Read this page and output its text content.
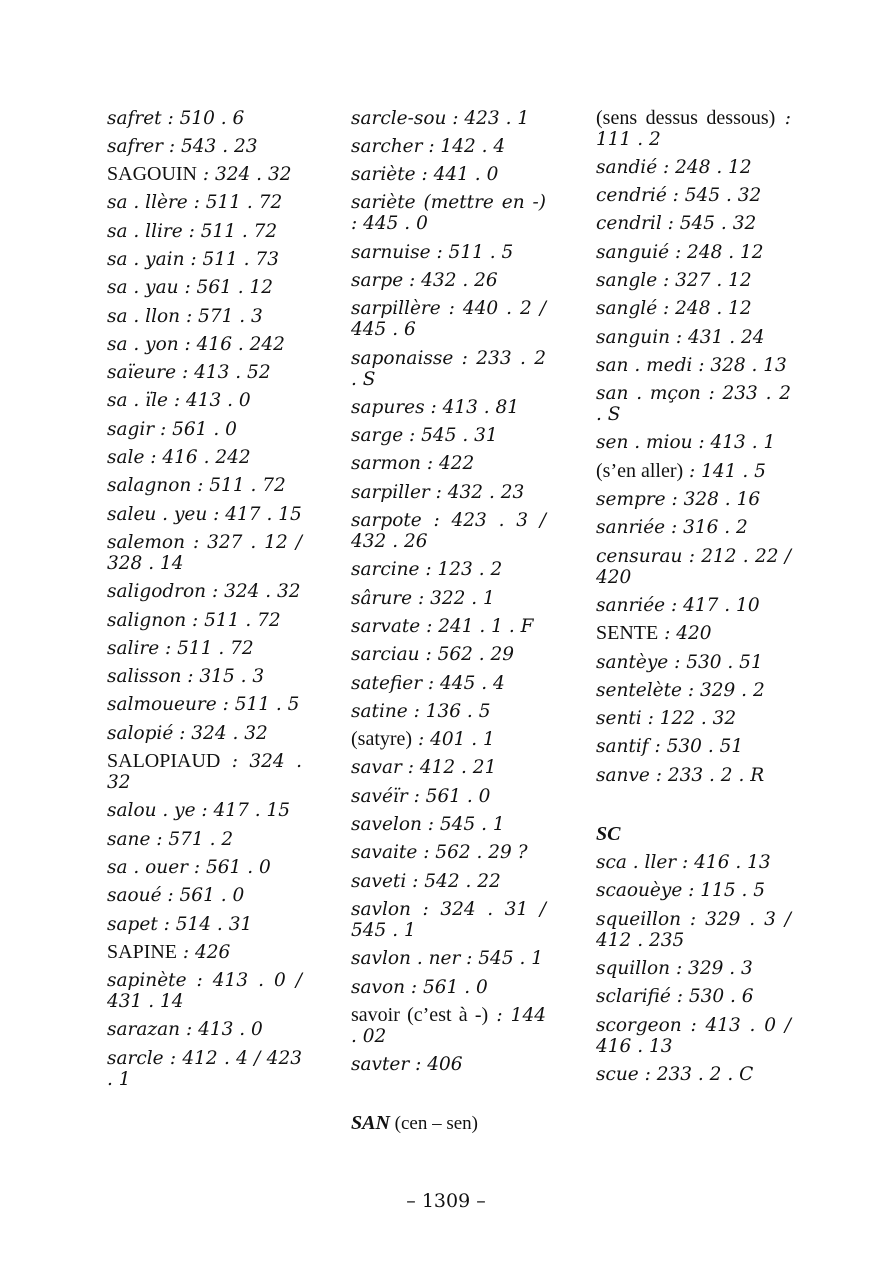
safret : 510 . 6
safrer : 543 . 23
SAGOUIN : 324 . 32
sa . llère : 511 . 72
sa . llire : 511 . 72
sa . yain : 511 . 73
sa . yau : 561 . 12
sa . llon : 571 . 3
sa . yon : 416 . 242
saïeure : 413 . 52
sa . ïle : 413 . 0
sagir : 561 . 0
sale : 416 . 242
salagnon : 511 . 72
saleu . yeu : 417 . 15
salemon : 327 . 12 / 328 . 14
saligodron : 324 . 32
salignon : 511 . 72
salire : 511 . 72
salisson : 315 . 3
salmoueure : 511 . 5
salopié : 324 . 32
SALOPIAUD : 324 . 32
salou . ye : 417 . 15
sane : 571 . 2
sa . ouer : 561 . 0
saoué : 561 . 0
sapet : 514 . 31
SAPINE : 426
sapinète : 413 . 0 / 431 . 14
sarazan : 413 . 0
sarcle : 412 . 4 / 423 . 1
sarcle-sou : 423 . 1
sarcher : 142 . 4
sariète : 441 . 0
sariète (mettre en -) : 445 . 0
sarnuise : 511 . 5
sarpe : 432 . 26
sarpillère : 440 . 2 / 445 . 6
saponaisse : 233 . 2 . S
sapures : 413 . 81
sarge : 545 . 31
sarmon : 422
sarpiller : 432 . 23
sarpote : 423 . 3 / 432 . 26
sarcine : 123 . 2
sârure : 322 . 1
sarvate : 241 . 1 . F
sarciau : 562 . 29
satefier : 445 . 4
satine : 136 . 5
(satyre) : 401 . 1
savar : 412 . 21
savéïr : 561 . 0
savelon : 545 . 1
savaite : 562 . 29 ?
saveti : 542 . 22
savlon : 324 . 31 / 545 . 1
savlon . ner : 545 . 1
savon : 561 . 0
savoir (c’est à -) : 144 . 02
savter : 406
SAN (cen – sen)
(sens dessus dessous) : 111 . 2
sandié : 248 . 12
cendrié : 545 . 32
cendril : 545 . 32
sanguié : 248 . 12
sangle : 327 . 12
sanglé : 248 . 12
sanguin : 431 . 24
san . medi : 328 . 13
san . mçon : 233 . 2 . S
sen . miou : 413 . 1
(s’en aller) : 141 . 5
sempre : 328 . 16
sanriée : 316 . 2
censurau : 212 . 22 / 420
sanriée : 417 . 10
SENTE : 420
santèye : 530 . 51
sentelète : 329 . 2
senti : 122 . 32
santif : 530 . 51
sanve : 233 . 2 . R
SC
sca . ller : 416 . 13
scaouèye : 115 . 5
squeillon : 329 . 3 / 412 . 235
squillon : 329 . 3
sclarifié : 530 . 6
scorgeon : 413 . 0 / 416 . 13
scue : 233 . 2 . C
– 1309 –
